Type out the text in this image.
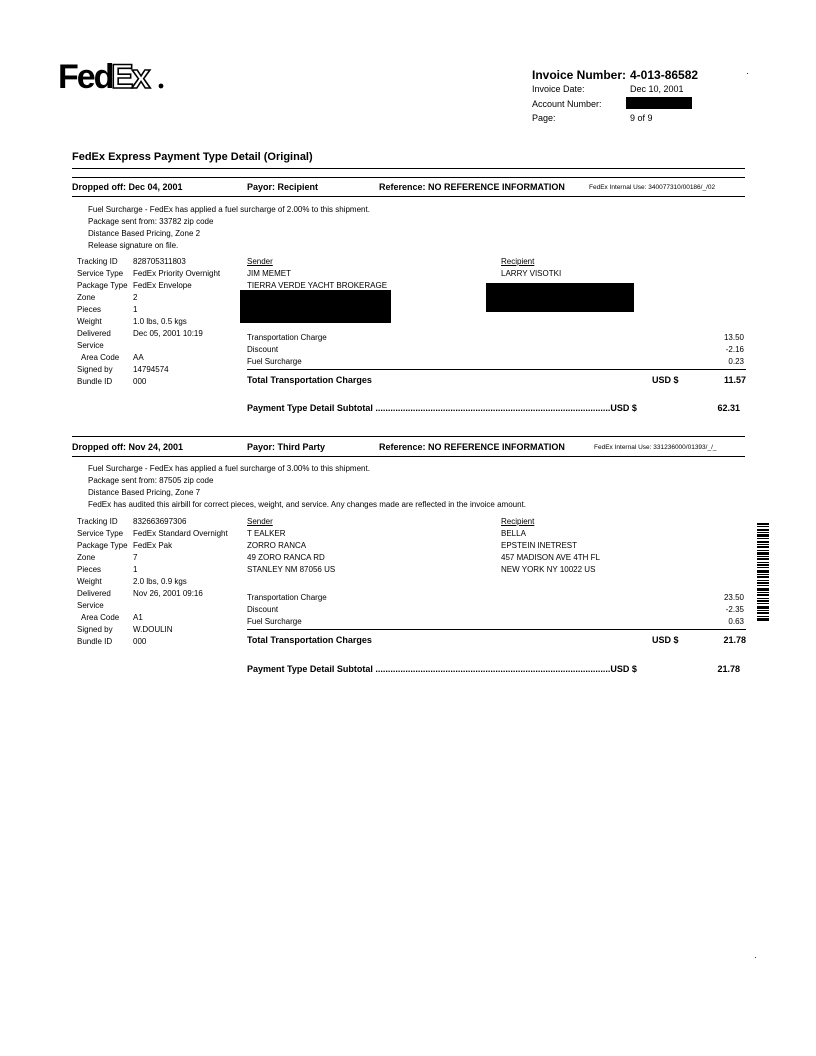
Fed
Ex	Invoice Number: 4-013-86582
Invoice Date:	Dec 10, 2001
Account Number:
Page:	9 of 9
·
FedEx Express Payment Type Detail (Original)
Dropped off: Dec 04, 2001	Payor: Recipient	Reference: NO REFERENCE INFORMATION	FedEx Internal Use: 340077310/00186/_/02
Fuel Surcharge - FedEx has applied a fuel surcharge of 2.00% to this shipment.
Package sent from: 33782 zip code
Distance Based Pricing, Zone 2
Release signature on file.
Tracking ID 828705311803
Service Type FedEx Priority Overnight
Package Type FedEx Envelope
Zone	2
Pieces	1
Weight	1.0 lbs, 0.5 kgs
Delivered	Dec 05, 2001 10:19
Service
Area Code AA
Signed by	14794574
Bundle ID	000
Sender
JIM MEMET
TIERRA VERDE YACHT BROKERAGE
Recipient
LARRY VISOTKI
Transportation Charge	13.50
Discount	-2.16
Fuel Surcharge	0.23
Total Transportation Charges	USD $	11.57
Payment Type Detail Subtotal ..............................................................................................USD $	62.31
Dropped off: Nov 24, 2001	Payor: Third Party	Reference: NO REFERENCE INFORMATION	FedEx Internal Use: 331236000/01393/_/_
Fuel Surcharge - FedEx has applied a fuel surcharge of 3.00% to this shipment.
Package sent from: 87505 zip code
Distance Based Pricing, Zone 7
FedEx has audited this airbill for correct pieces, weight, and service. Any changes made are reflected in the invoice amount.
Tracking ID 832663697306
Service Type FedEx Standard Overnight
Package Type FedEx Pak
Zone	7
Pieces	1
Weight	2.0 lbs, 0.9 kgs
Delivered	Nov 26, 2001 09:16
Service
Area Code A1
Signed by	W.DOULIN
Bundle ID	000
Sender
T EALKER
ZORRO RANCA
49 ZORO RANCA RD
STANLEY NM 87056 US
Recipient
BELLA
EPSTEIN INETREST
457 MADISON AVE 4TH FL
NEW YORK NY 10022 US
Transportation Charge	23.50
Discount	-2.35
Fuel Surcharge	0.63
Total Transportation Charges	USD $	21.78
Payment Type Detail Subtotal ..............................................................................................USD $	21.78
·
